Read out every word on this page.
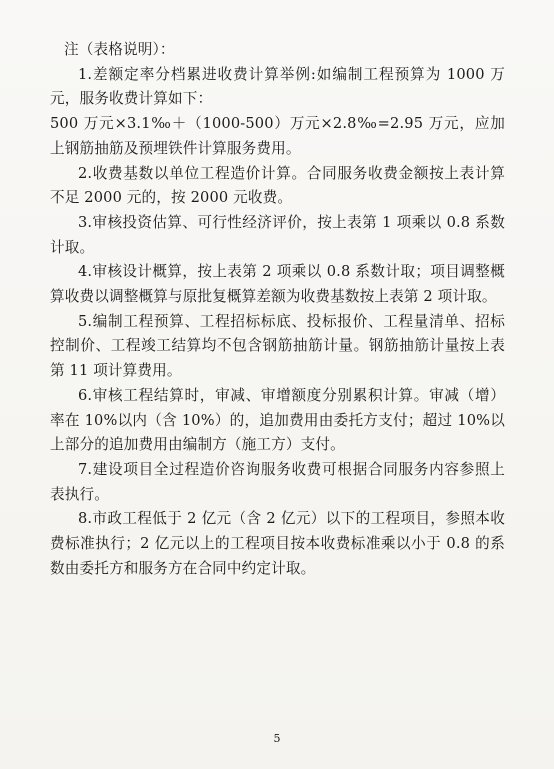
注（表格说明）：

1.差额定率分档累进收费计算举例:如编制工程预算为 1000 万元，服务收费计算如下：

500 万元×3.1‰＋（1000-500）万元×2.8‰=2.95 万元，应加上钢筋抽筋及预埋铁件计算服务费用。

2.收费基数以单位工程造价计算。合同服务收费金额按上表计算不足 2000 元的，按 2000 元收费。

3.审核投资估算、可行性经济评价，按上表第 1 项乘以 0.8 系数计取。

4.审核设计概算，按上表第 2 项乘以 0.8 系数计取；项目调整概算收费以调整概算与原批复概算差额为收费基数按上表第 2 项计取。

5.编制工程预算、工程招标标底、投标报价、工程量清单、招标控制价、工程竣工结算均不包含钢筋抽筋计量。钢筋抽筋计量按上表第 11 项计算费用。

6.审核工程结算时，审减、审增额度分别累积计算。审减（增）率在 10%以内（含 10%）的，追加费用由委托方支付；超过 10%以上部分的追加费用由编制方（施工方）支付。

7.建设项目全过程造价咨询服务收费可根据合同服务内容参照上表执行。

8.市政工程低于 2 亿元（含 2 亿元）以下的工程项目，参照本收费标准执行；2 亿元以上的工程项目按本收费标准乘以小于 0.8 的系数由委托方和服务方在合同中约定计取。

5
